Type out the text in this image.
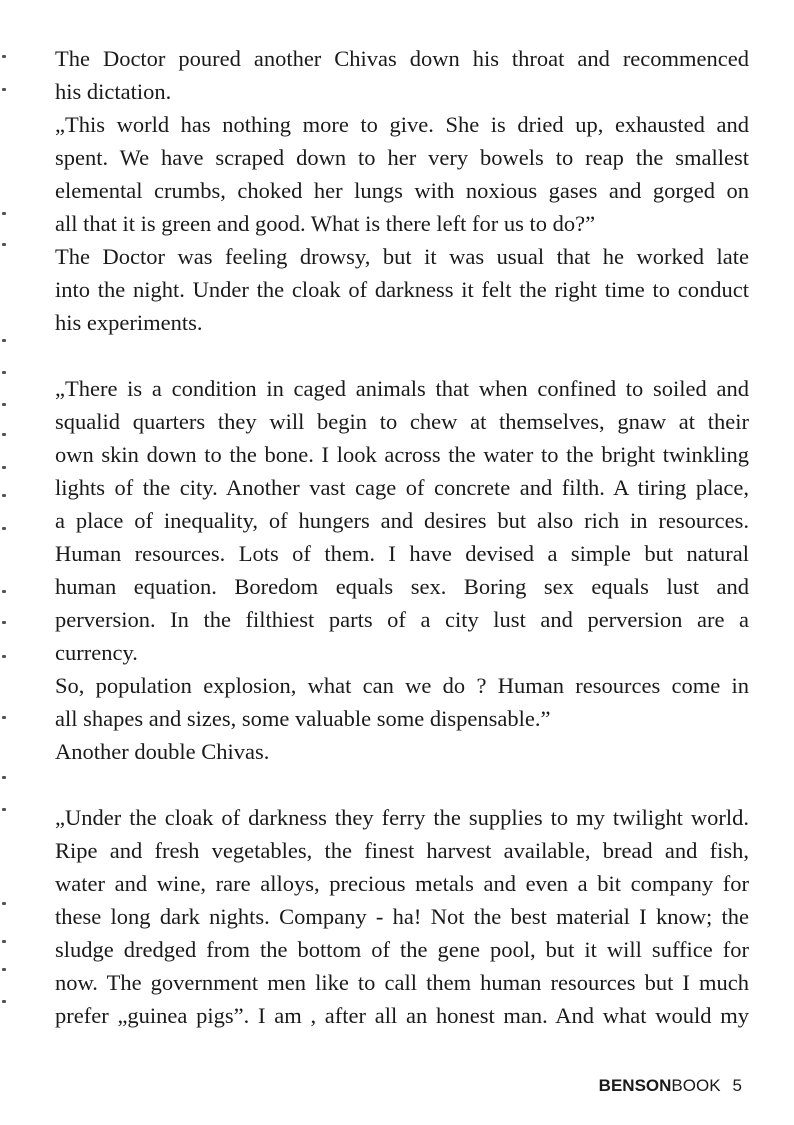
The Doctor poured another Chivas down his throat and recommenced

his dictation.

„This world has nothing more to give. She is dried up, exhausted and

spent. We have scraped down to her very bowels to reap the smallest

elemental crumbs, choked her lungs with noxious gases and gorged on

all that it is green and good. What is there left for us to do?”

The Doctor was feeling drowsy, but it was usual that he worked late

into the night. Under the cloak of darkness it felt the right time to conduct

his experiments.

„There is a condition in caged animals that when confined to soiled and

squalid quarters they will begin to chew at themselves, gnaw at their

own skin down to the bone. I look across the water to the bright twinkling

lights of the city. Another vast cage of concrete and filth. A tiring place,

a place of inequality, of hungers and desires but also rich in resources.

Human resources. Lots of them. I have devised a simple but natural

human equation. Boredom equals sex. Boring sex equals lust and

perversion. In the filthiest parts of a city lust and perversion are a

currency.

So, population explosion, what can we do ? Human resources come in

all shapes and sizes, some valuable some dispensable.”

Another double Chivas.

„Under the cloak of darkness they ferry the supplies to my twilight world.

Ripe and fresh vegetables, the finest harvest available, bread and fish,

water and wine, rare alloys, precious metals and even a bit company for

these long dark nights. Company - ha! Not the best material I know; the

sludge dredged from the bottom of the gene pool, but it will suffice for

now. The government men like to call them human resources but I much

prefer „guinea pigs”. I am , after all an honest man. And what would my

BENSONBOOK 5
